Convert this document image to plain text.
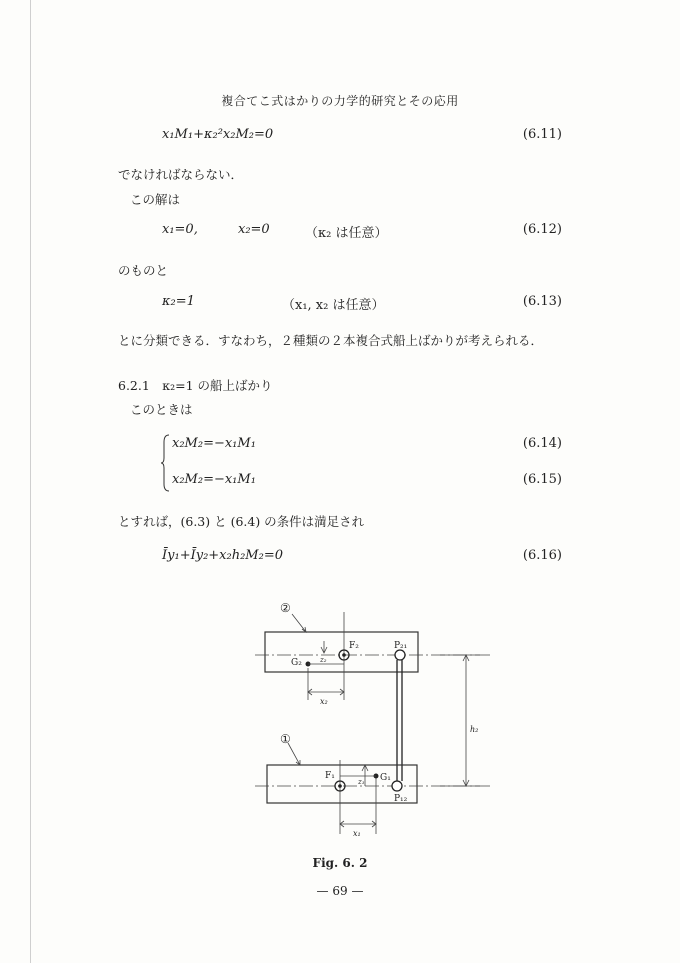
複合てこ式はかりの力学的研究とその応用
x₁M₁+κ₂²x₂M₂=0	(6.11)
でなければならない．
この解は
x₁=0,	x₂=0	（κ₂ は任意）	(6.12)
のものと
κ₂=1	（x₁, x₂ は任意）	(6.13)
とに分類できる．すなわち，２種類の２本複合式船上ばかりが考えられる．
6.2.1　κ₂=1 の船上ばかり
このときは
x₂M₂=−x₁M₁	(6.14)
x₂M₂=−x₁M₁	(6.15)
とすれば，(6.3) と (6.4) の条件は満足され
Īy₁+Īy₂+x₂h₂M₂=0	(6.16)
②
①
F₂
G₂
P₂₁
z₂
x₂
h₂
F₁	G₁
P₁₂
z₁
x₁
Fig. 6. 2
— 69 —
